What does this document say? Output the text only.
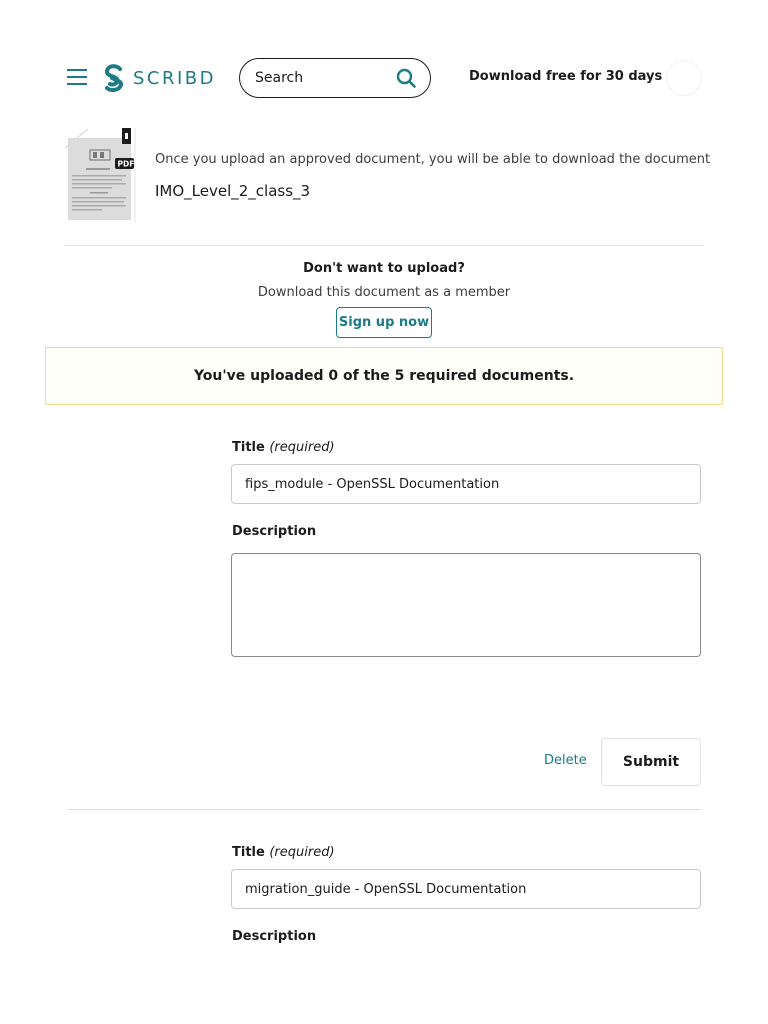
SCRIBD
Search	Download free for 30 days
PDF Once you upload an approved document, you will be able to download the document
IMO_Level_2_class_3
Don't want to upload?
Download this document as a member
Sign up now
You've uploaded 0 of the 5 required documents.
Title (required)
fips_module - OpenSSL Documentation
Description
Delete	Submit
Title (required)
migration_guide - OpenSSL Documentation
Description
